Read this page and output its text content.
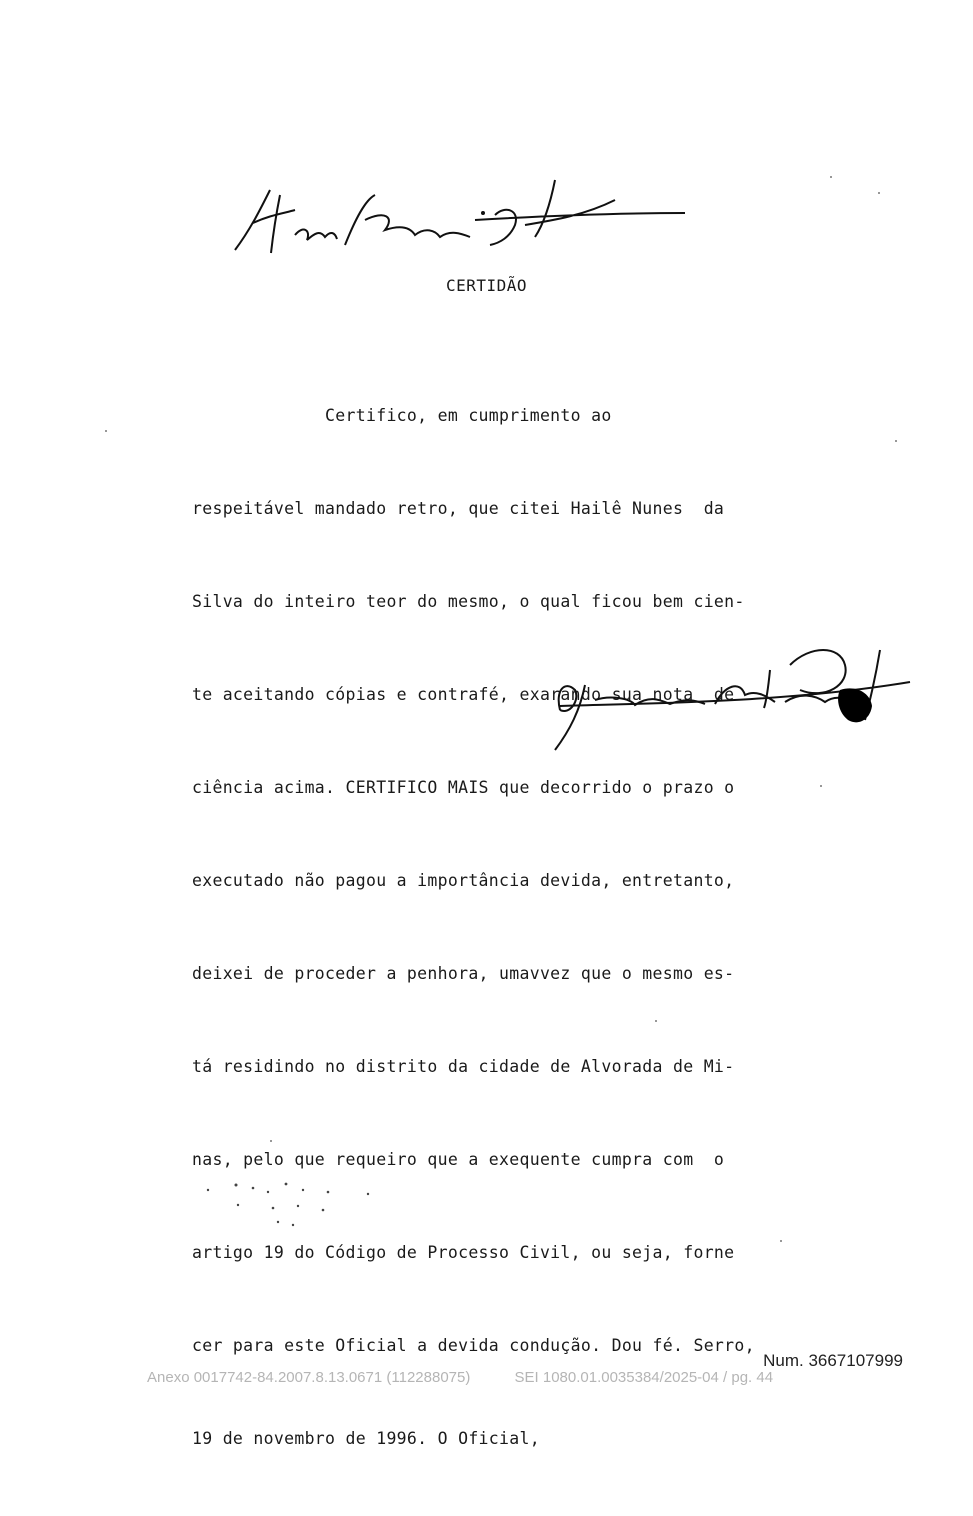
CERTIDÃO

Certifico, em cumprimento ao

respeitável mandado retro, que citei Hailê Nunes  da

Silva do inteiro teor do mesmo, o qual ficou bem cien-

te aceitando cópias e contrafé, exarando sua nota  de

ciência acima. CERTIFICO MAIS que decorrido o prazo o

executado não pagou a importância devida, entretanto,

deixei de proceder a penhora, umavvez que o mesmo es-

tá residindo no distrito da cidade de Alvorada de Mi-

nas, pelo que requeiro que a exequente cumpra com  o

artigo 19 do Código de Processo Civil, ou seja, forne

cer para este Oficial a devida condução. Dou fé. Serro,

19 de novembro de 1996. O Oficial,

Num. 3667107999
Anexo 0017742-84.2007.8.13.0671 (112288075)	SEI 1080.01.0035384/2025-04 / pg. 44
